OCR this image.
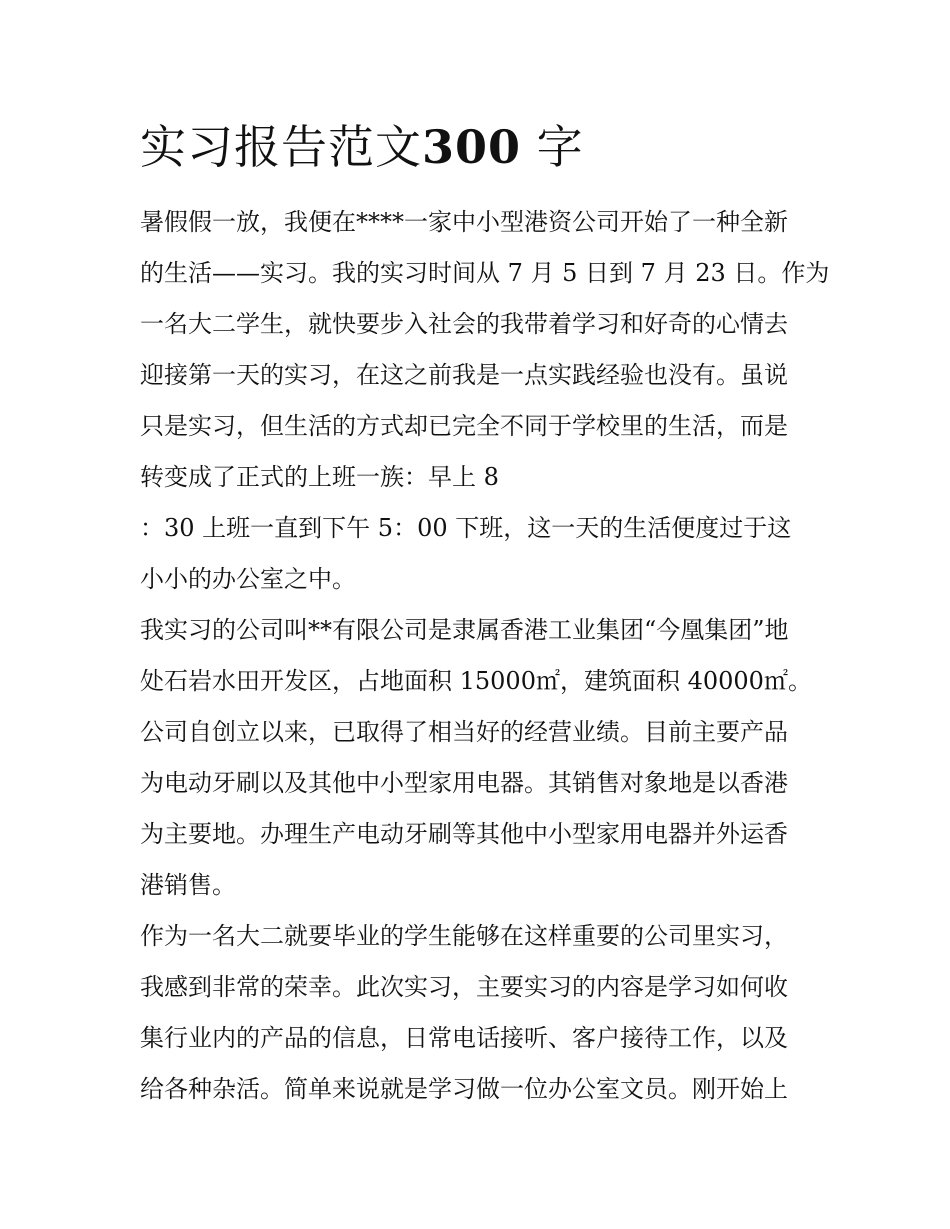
实习报告范文300 字
暑假假一放，我便在****一家中小型港资公司开始了一种全新
的生活——实习。我的实习时间从 7 月 5 日到 7 月 23 日。作为
一名大二学生，就快要步入社会的我带着学习和好奇的心情去
迎接第一天的实习，在这之前我是一点实践经验也没有。虽说
只是实习，但生活的方式却已完全不同于学校里的生活，而是
转变成了正式的上班一族：早上 8
：30 上班一直到下午 5：00 下班，这一天的生活便度过于这
小小的办公室之中。
我实习的公司叫**有限公司是隶属香港工业集团“今凰集团”地
处石岩水田开发区，占地面积 15000㎡，建筑面积 40000㎡。
公司自创立以来，已取得了相当好的经营业绩。目前主要产品
为电动牙刷以及其他中小型家用电器。其销售对象地是以香港
为主要地。办理生产电动牙刷等其他中小型家用电器并外运香
港销售。
作为一名大二就要毕业的学生能够在这样重要的公司里实习，
我感到非常的荣幸。此次实习，主要实习的内容是学习如何收
集行业内的产品的信息，日常电话接听、客户接待工作，以及
给各种杂活。简单来说就是学习做一位办公室文员。刚开始上
